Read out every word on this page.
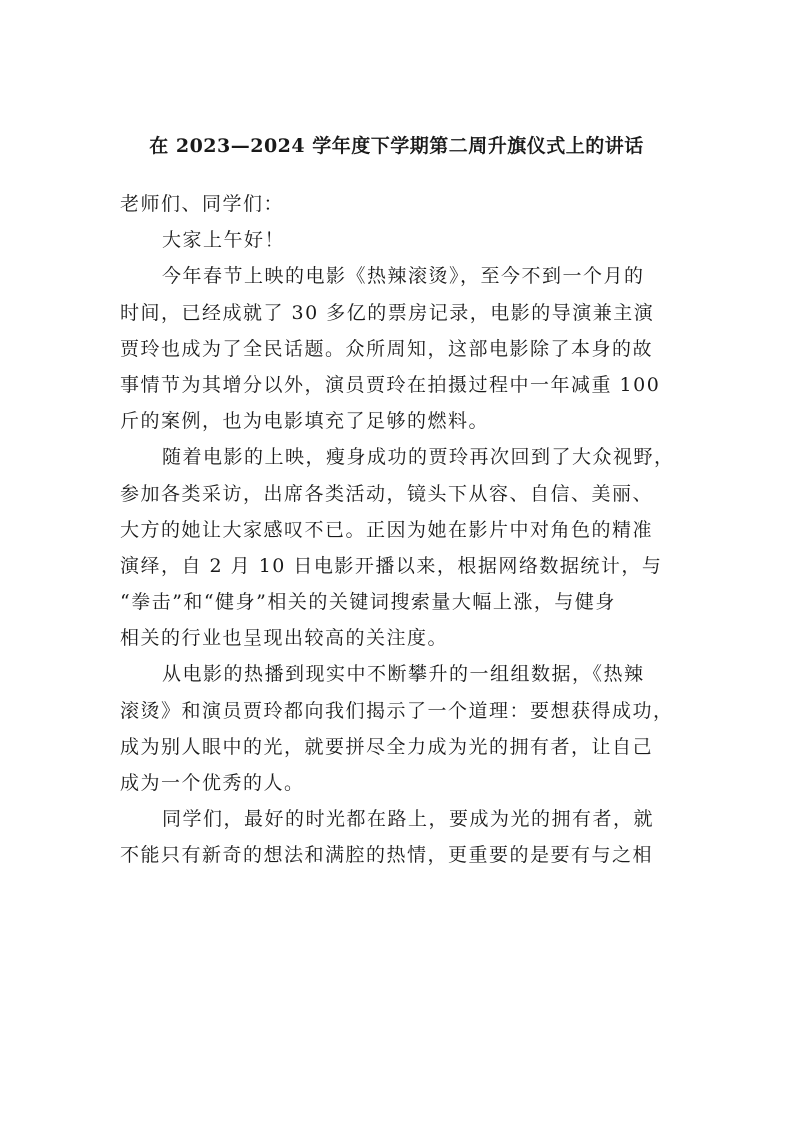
在 2023—2024 学年度下学期第二周升旗仪式上的讲话
老师们、同学们：
大家上午好！
今年春节上映的电影《热辣滚烫》，至今不到一个月的
时间，已经成就了 30 多亿的票房记录，电影的导演兼主演
贾玲也成为了全民话题。众所周知，这部电影除了本身的故
事情节为其增分以外，演员贾玲在拍摄过程中一年减重 100
斤的案例，也为电影填充了足够的燃料。
随着电影的上映，瘦身成功的贾玲再次回到了大众视野，
参加各类采访，出席各类活动，镜头下从容、自信、美丽、
大方的她让大家感叹不已。正因为她在影片中对角色的精准
演绎，自 2 月 10 日电影开播以来，根据网络数据统计，与
“拳击”和“健身”相关的关键词搜索量大幅上涨，与健身
相关的行业也呈现出较高的关注度。
从电影的热播到现实中不断攀升的一组组数据，《热辣
滚烫》和演员贾玲都向我们揭示了一个道理：要想获得成功，
成为别人眼中的光，就要拼尽全力成为光的拥有者，让自己
成为一个优秀的人。
同学们，最好的时光都在路上，要成为光的拥有者，就
不能只有新奇的想法和满腔的热情，更重要的是要有与之相
